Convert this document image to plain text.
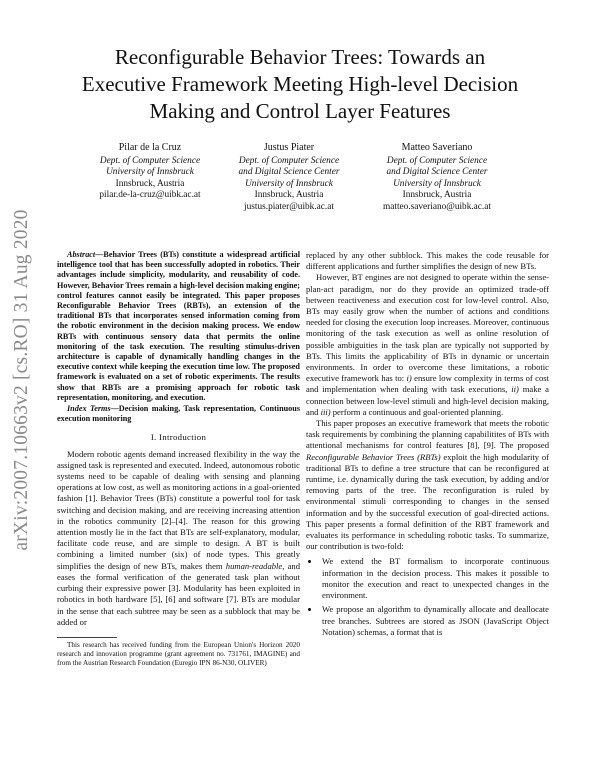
arXiv:2007.10663v2 [cs.RO] 31 Aug 2020
Reconfigurable Behavior Trees: Towards an
Executive Framework Meeting High-level Decision
Making and Control Layer Features
Pilar de la Cruz
Dept. of Computer Science
University of Innsbruck
Innsbruck, Austria
pilar.de-la-cruz@uibk.ac.at
Justus Piater
Dept. of Computer Science
and Digital Science Center
University of Innsbruck
Innsbruck, Austria
justus.piater@uibk.ac.at
Matteo Saveriano
Dept. of Computer Science
and Digital Science Center
University of Innsbruck
Innsbruck, Austria
matteo.saveriano@uibk.ac.at

Abstract—Behavior Trees (BTs) constitute a widespread artificial intelligence tool that has been successfully adopted in robotics. Their advantages include simplicity, modularity, and reusability of code. However, Behavior Trees remain a high-level decision making engine; control features cannot easily be integrated. This paper proposes Reconfigurable Behavior Trees (RBTs), an extension of the traditional BTs that incorporates sensed information coming from the robotic environment in the decision making process. We endow RBTs with continuous sensory data that permits the online monitoring of the task execution. The resulting stimulus-driven architecture is capable of dynamically handling changes in the executive context while keeping the execution time low. The proposed framework is evaluated on a set of robotic experiments. The results show that RBTs are a promising approach for robotic task representation, monitoring, and execution.

Index Terms—Decision making, Task representation, Continuous execution monitoring

I. Introduction

Modern robotic agents demand increased flexibility in the way the assigned task is represented and executed. Indeed, autonomous robotic systems need to be capable of dealing with sensing and planning operations at low cost, as well as monitoring actions in a goal-oriented fashion [1]. Behavior Trees (BTs) constitute a powerful tool for task switching and decision making, and are receiving increasing attention in the robotics community [2]–[4]. The reason for this growing attention mostly lie in the fact that BTs are self-explanatory, modular, facilitate code reuse, and are simple to design. A BT is built combining a limited number (six) of node types. This greatly simplifies the design of new BTs, makes them human-readable, and eases the formal verification of the generated task plan without curbing their expressive power [3]. Modularity has been exploited in robotics in both hardware [5], [6] and software [7]. BTs are modular in the sense that each subtree may be seen as a subblock that may be added or

This research has received funding from the European Union's Horizon 2020 research and innovation programme (grant agreement no. 731761, IMAGINE) and from the Austrian Research Foundation (Euregio IPN 86-N30, OLIVER)

replaced by any other subblock. This makes the code reusable for different applications and further simplifies the design of new BTs.

However, BT engines are not designed to operate within the sense-plan-act paradigm, nor do they provide an optimized trade-off between reactiveness and execution cost for low-level control. Also, BTs may easily grow when the number of actions and conditions needed for closing the execution loop increases. Moreover, continuous monitoring of the task execution as well as online resolution of possible ambiguities in the task plan are typically not supported by BTs. This limits the applicability of BTs in dynamic or uncertain environments. In order to overcome these limitations, a robotic executive framework has to: i) ensure low complexity in terms of cost and implementation when dealing with task executions, ii) make a connection between low-level stimuli and high-level decision making, and iii) perform a continuous and goal-oriented planning.

This paper proposes an executive framework that meets the robotic task requirements by combining the planning capabilitites of BTs with attentional mechanisms for control features [8], [9]. The proposed Reconfigurable Behavior Trees (RBTs) exploit the high modularity of traditional BTs to define a tree structure that can be reconfigured at runtime, i.e. dynamically during the task execution, by adding and/or removing parts of the tree. The reconfiguration is ruled by environmental stimuli corresponding to changes in the sensed information and by the successful execution of goal-directed actions. This paper presents a formal definition of the RBT framework and evaluates its performance in scheduling robotic tasks. To summarize, our contribution is two-fold:

• We extend the BT formalism to incorporate continuous information in the decision process. This makes it possible to monitor the execution and react to unexpected changes in the environment.
• We propose an algorithm to dynamically allocate and deallocate tree branches. Subtrees are stored as JSON (JavaScript Object Notation) schemas, a format that is
